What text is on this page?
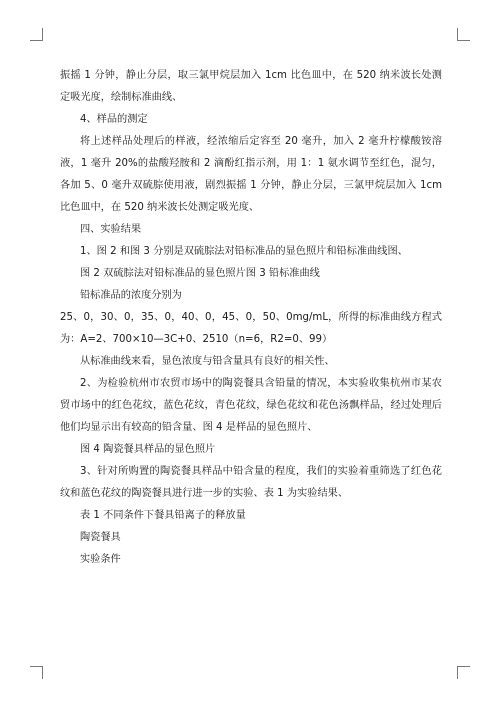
振摇 1 分钟，静止分层，取三氯甲烷层加入 1cm 比色皿中，在 520 纳米波长处测定吸光度，绘制标准曲线、

4、样品的测定

将上述样品处理后的样液，经浓缩后定容至 20 毫升，加入 2 毫升柠檬酸铵溶液，1 毫升 20%的盐酸羟胺和 2 滴酚红指示剂，用 1：1 氨水调节至红色，混匀，各加 5、0 毫升双硫腙使用液，剧烈振摇 1 分钟，静止分层，三氯甲烷层加入 1cm 比色皿中，在 520 纳米波长处测定吸光度、

四、实验结果

1、图 2 和图 3 分别是双硫腙法对铅标准品的显色照片和铅标准曲线图、

图 2 双硫腙法对铅标准品的显色照片图 3 铅标准曲线

铅标准品的浓度分别为

25、0，30、0，35、0，40、0，45、0，50、0mg/mL，所得的标准曲线方程式为：A=2、700×10—3C+0、2510（n=6，R2=0、99）

从标准曲线来看，显色浓度与铅含量具有良好的相关性、

2、为检验杭州市农贸市场中的陶瓷餐具含铅量的情况，本实验收集杭州市某农贸市场中的红色花纹，蓝色花纹，青色花纹，绿色花纹和花色汤飘样品，经过处理后他们均显示出有较高的铅含量、图 4 是样品的显色照片、

图 4 陶瓷餐具样品的显色照片

3、针对所购置的陶瓷餐具样品中铅含量的程度，我们的实验着重筛选了红色花纹和蓝色花纹的陶瓷餐具进行进一步的实验、表 1 为实验结果、

表 1 不同条件下餐具铅离子的释放量

陶瓷餐具

实验条件
